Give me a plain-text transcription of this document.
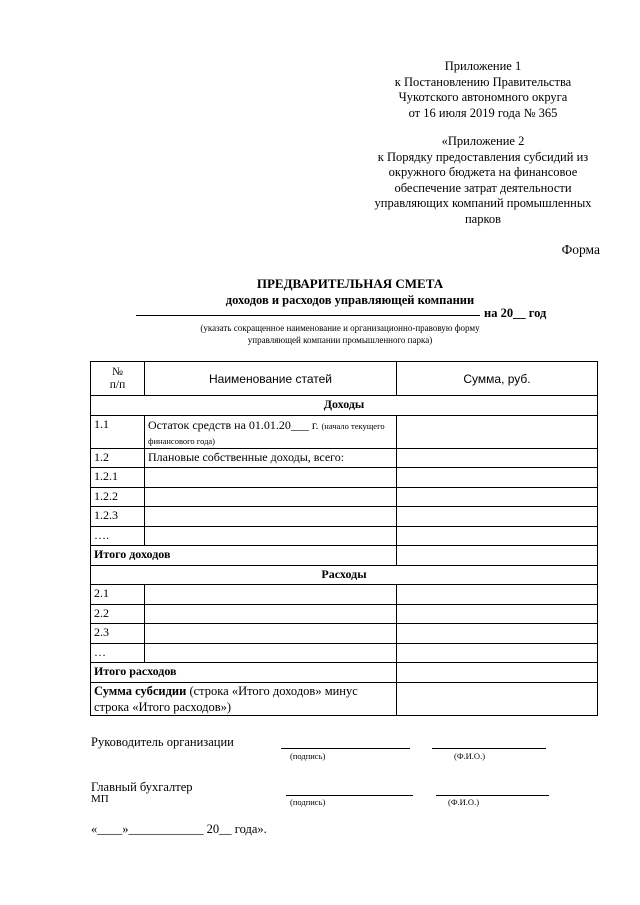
Приложение 1
к Постановлению Правительства
Чукотского автономного округа
от 16 июля 2019 года № 365
«Приложение 2
к Порядку предоставления субсидий из
окружного бюджета на финансовое
обеспечение затрат деятельности
управляющих компаний промышленных
парков
Форма
ПРЕДВАРИТЕЛЬНАЯ СМЕТА
доходов и расходов управляющей компании
на 20__ год
(указать сокращенное наименование и организационно-правовую форму
управляющей компании промышленного парка)
№
п/п	Наименование статей	Сумма, руб.
Доходы		
1.1	Остаток средств на 01.01.20___ г. (начало текущего финансового года)	
1.2	Плановые собственные доходы, всего:	
1.2.1		
1.2.2		
1.2.3		
….		
Итого доходов		
Расходы		
2.1		
2.2		
2.3		
…		
Итого расходов		
Сумма субсидии (строка «Итого доходов» минус строка «Итого расходов»)		
Руководитель организации
(подпись)	(Ф.И.О.)
Главный бухгалтер
МП	(подпись)	(Ф.И.О.)
«____»____________ 20__ года».
